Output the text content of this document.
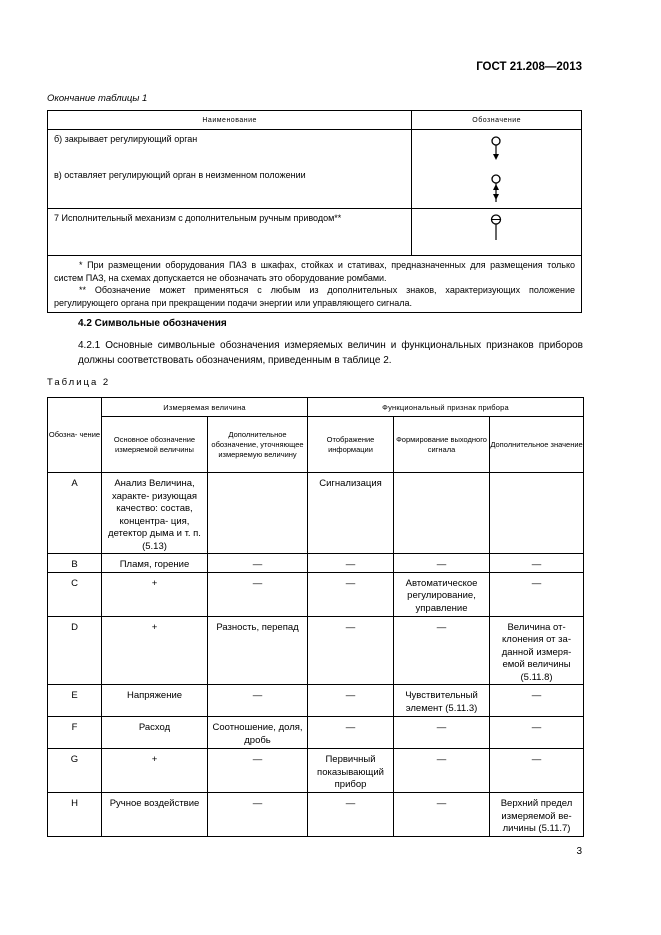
ГОСТ 21.208—2013
Окончание таблицы 1
Наименование	Обозначение

б) закрывает регулирующий орган
в) оставляет регулирующий орган в неизменном положении

7 Исполнительный механизм с дополнительным ручным приводом**

* При размещении оборудования ПАЗ в шкафах, стойках и стативах, предназначенных для размещения только систем ПАЗ, на схемах допускается не обозначать это оборудование ромбами.
** Обозначение может применяться с любым из дополнительных знаков, характеризующих положение регулирующего органа при прекращении подачи энергии или управляющего сигнала.	
4.2 Символьные обозначения
4.2.1 Основные символьные обозначения измеряемых величин и функциональных признаков приборов должны соответствовать обозначениям, приведенным в таблице 2.
Таблица 2
Обозна- чение	Измеряемая величина		Функциональный признак прибора		
	Основное обозначение измеряемой величины	Дополнительное обозначение, уточняющее измеряемую величину	Отображение информации	Формирование выходного сигнала	Дополнительное значение
A	Анализ Величина, характе- ризующая качество: состав, концентра- ция, детектор дыма и т. п. (5.13)		Сигнализация		
B	Пламя, горение	—	—	—	—
C	+	—	—	Автоматическое регулирование, управление	—
D	+	Разность, перепад	—	—	Величина от- клонения от за- данной измеря- емой величины (5.11.8)
E	Напряжение	—	—	Чувствительный элемент (5.11.3)	—
F	Расход	Соотношение, доля, дробь	—	—	—
G	+	—	Первичный показывающий прибор	—	—
H	Ручное воздействие	—	—	—	Верхний предел измеряемой ве- личины (5.11.7)
3
